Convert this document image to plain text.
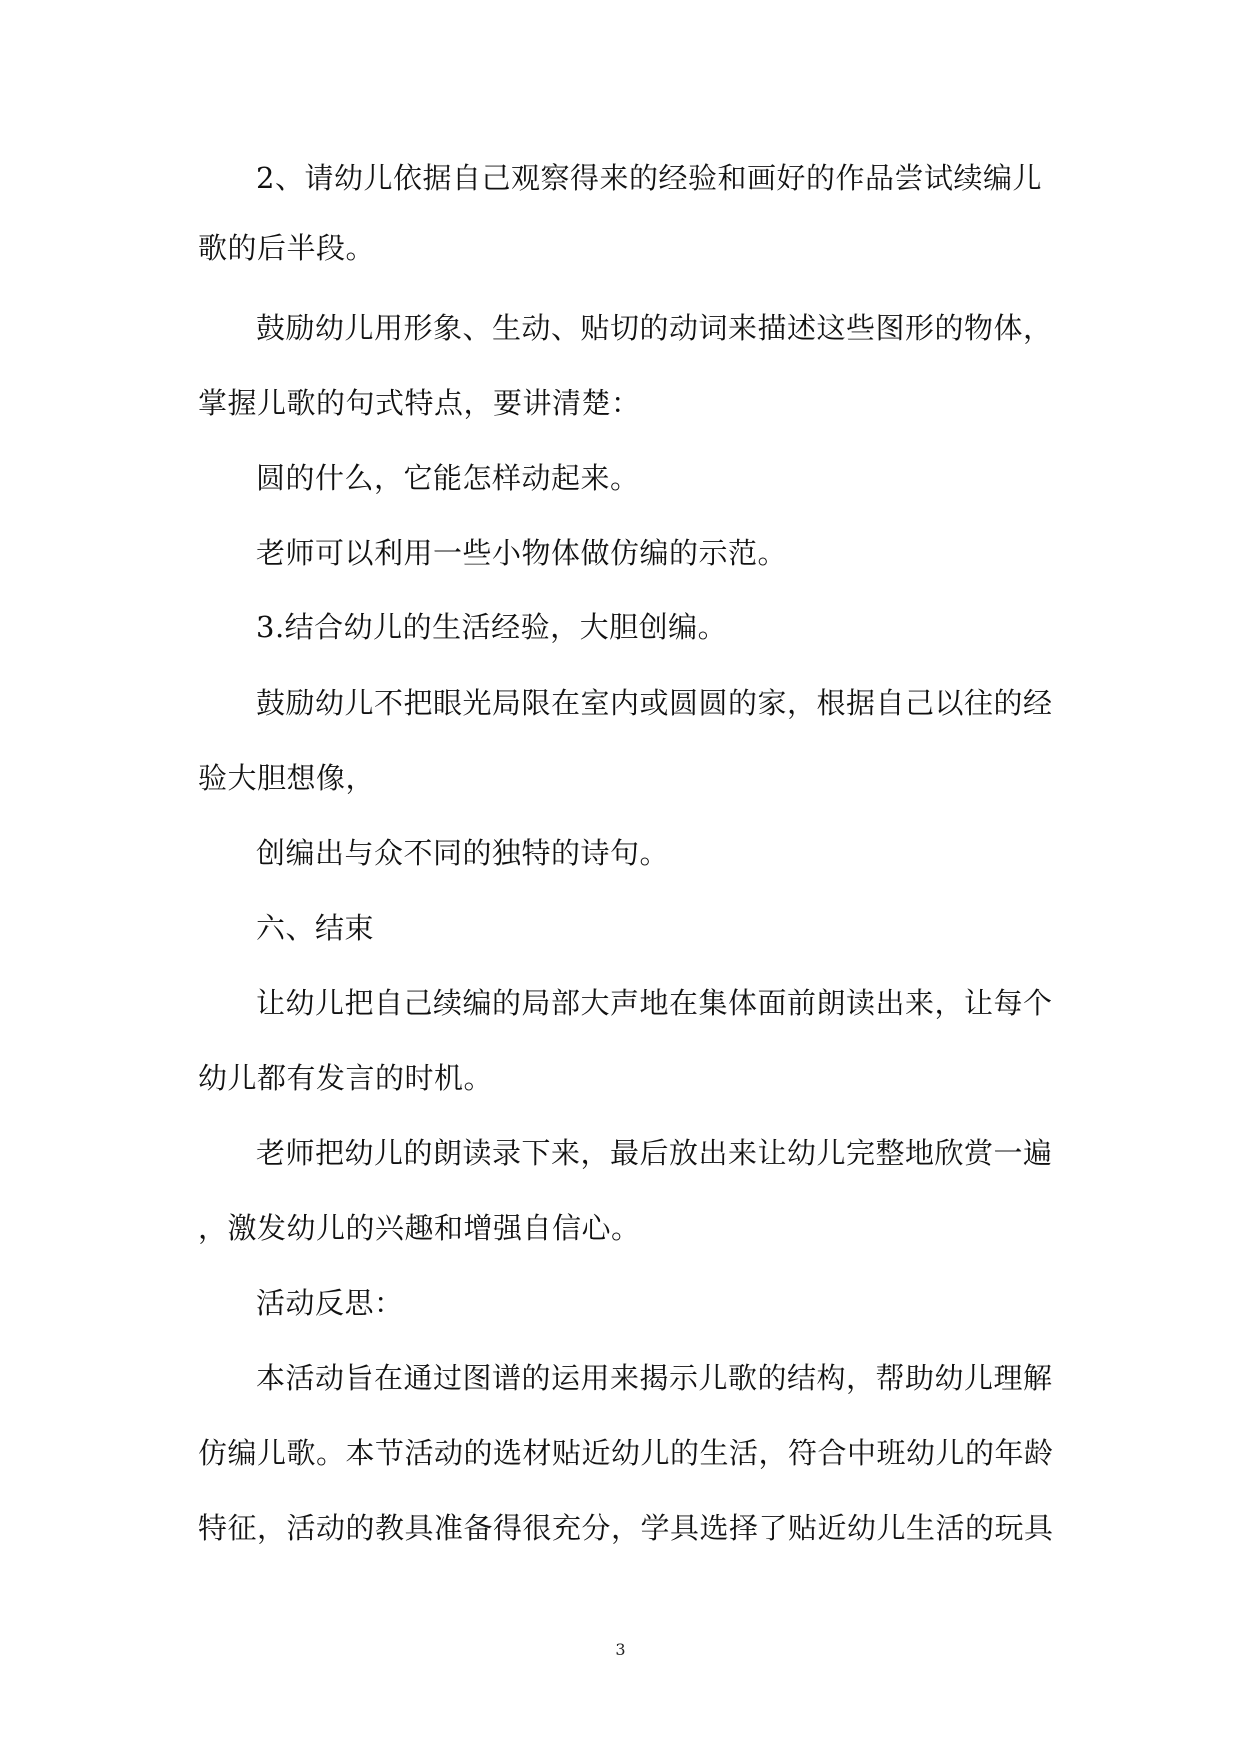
2、请幼儿依据自己观察得来的经验和画好的作品尝试续编儿
歌的后半段。
鼓励幼儿用形象、生动、贴切的动词来描述这些图形的物体，
掌握儿歌的句式特点，要讲清楚：
圆的什么，它能怎样动起来。
老师可以利用一些小物体做仿编的示范。
3.结合幼儿的生活经验，大胆创编。
鼓励幼儿不把眼光局限在室内或圆圆的家，根据自己以往的经
验大胆想像，
创编出与众不同的独特的诗句。
六、结束
让幼儿把自己续编的局部大声地在集体面前朗读出来，让每个
幼儿都有发言的时机。
老师把幼儿的朗读录下来，最后放出来让幼儿完整地欣赏一遍
，激发幼儿的兴趣和增强自信心。
活动反思：
本活动旨在通过图谱的运用来揭示儿歌的结构，帮助幼儿理解
仿编儿歌。本节活动的选材贴近幼儿的生活，符合中班幼儿的年龄
特征，活动的教具准备得很充分，学具选择了贴近幼儿生活的玩具
3
